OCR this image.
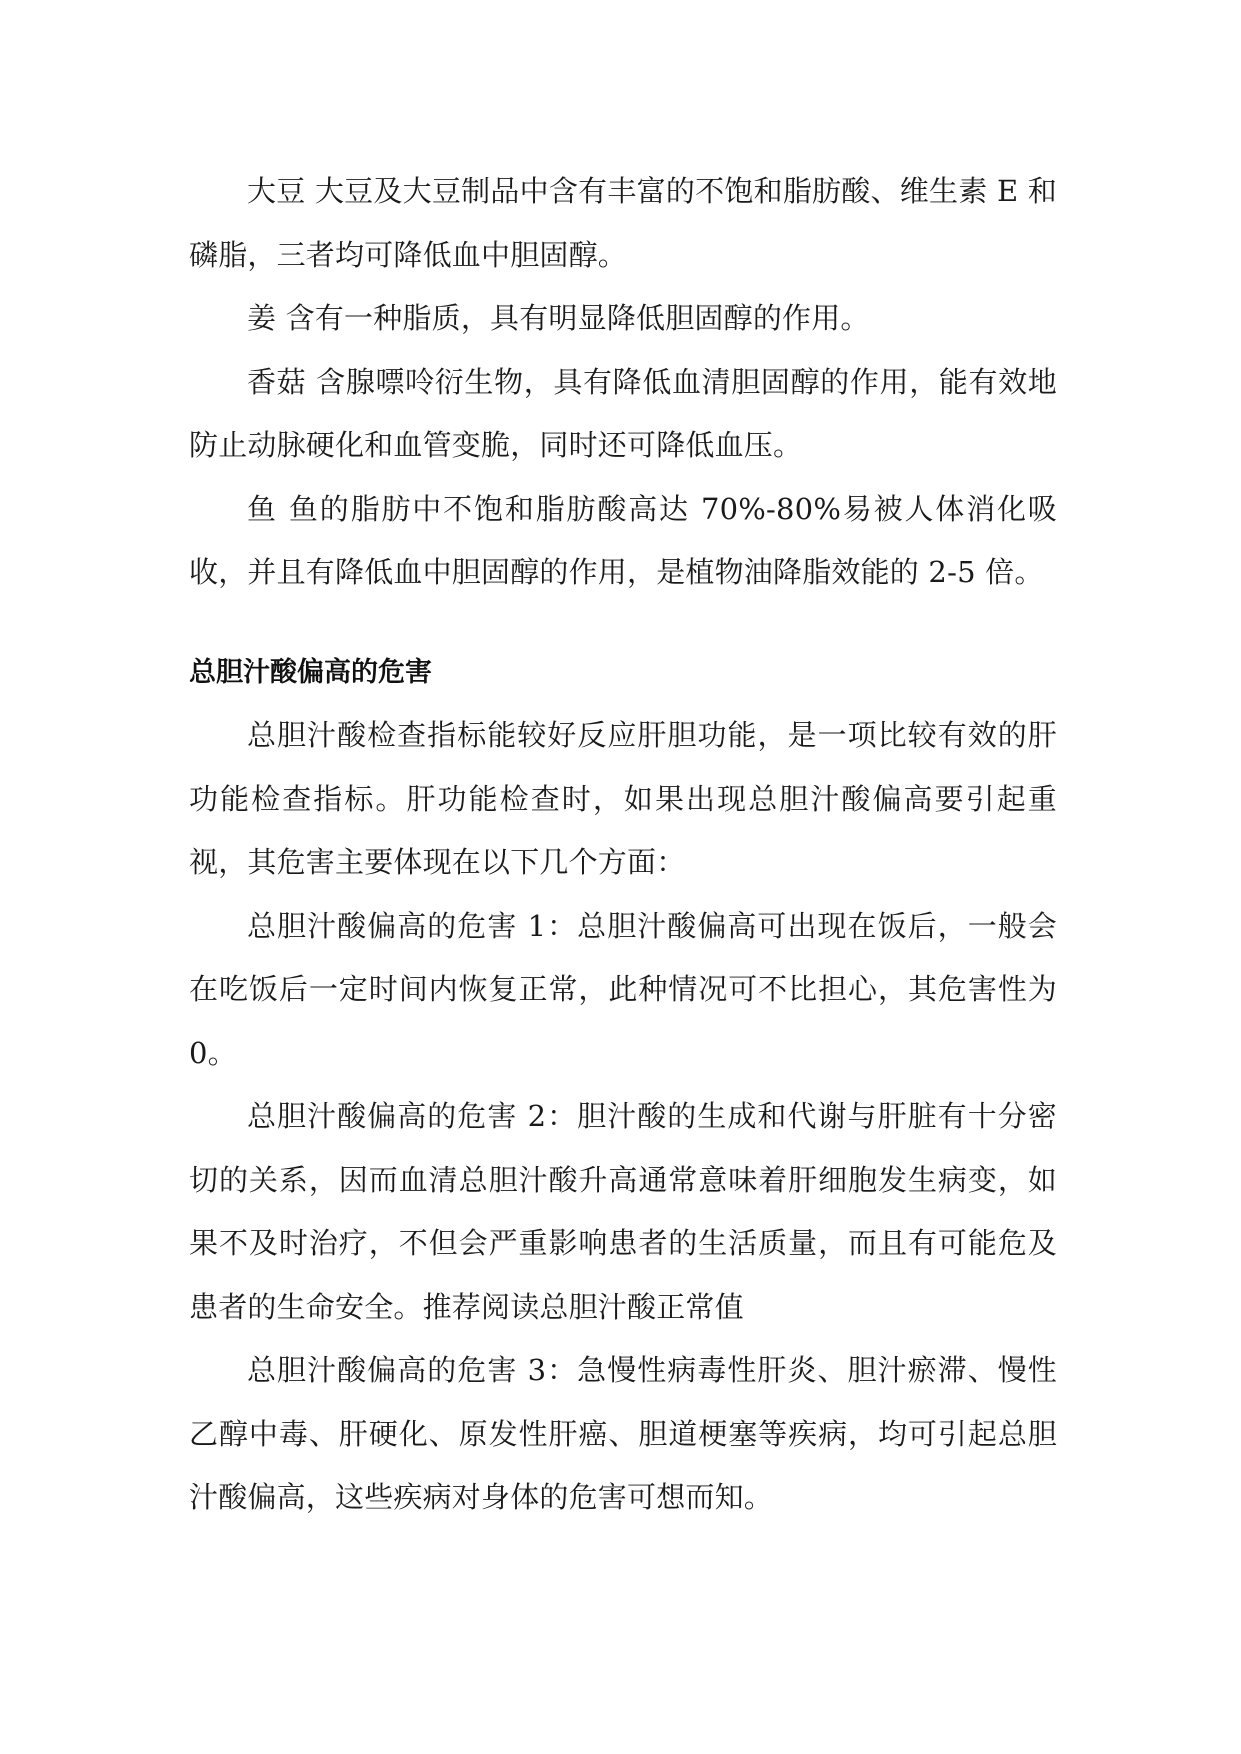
大豆 大豆及大豆制品中含有丰富的不饱和脂肪酸、维生素 E 和磷脂，三者均可降低血中胆固醇。

姜 含有一种脂质，具有明显降低胆固醇的作用。

香菇 含腺嘌呤衍生物，具有降低血清胆固醇的作用，能有效地防止动脉硬化和血管变脆，同时还可降低血压。

鱼 鱼的脂肪中不饱和脂肪酸高达 70%-80%易被人体消化吸收，并且有降低血中胆固醇的作用，是植物油降脂效能的 2-5 倍。

总胆汁酸偏高的危害

总胆汁酸检查指标能较好反应肝胆功能，是一项比较有效的肝功能检查指标。肝功能检查时，如果出现总胆汁酸偏高要引起重视，其危害主要体现在以下几个方面：

总胆汁酸偏高的危害 1：总胆汁酸偏高可出现在饭后，一般会在吃饭后一定时间内恢复正常，此种情况可不比担心，其危害性为 0。

总胆汁酸偏高的危害 2：胆汁酸的生成和代谢与肝脏有十分密切的关系，因而血清总胆汁酸升高通常意味着肝细胞发生病变，如果不及时治疗，不但会严重影响患者的生活质量，而且有可能危及患者的生命安全。推荐阅读总胆汁酸正常值

总胆汁酸偏高的危害 3：急慢性病毒性肝炎、胆汁瘀滞、慢性乙醇中毒、肝硬化、原发性肝癌、胆道梗塞等疾病，均可引起总胆汁酸偏高，这些疾病对身体的危害可想而知。
